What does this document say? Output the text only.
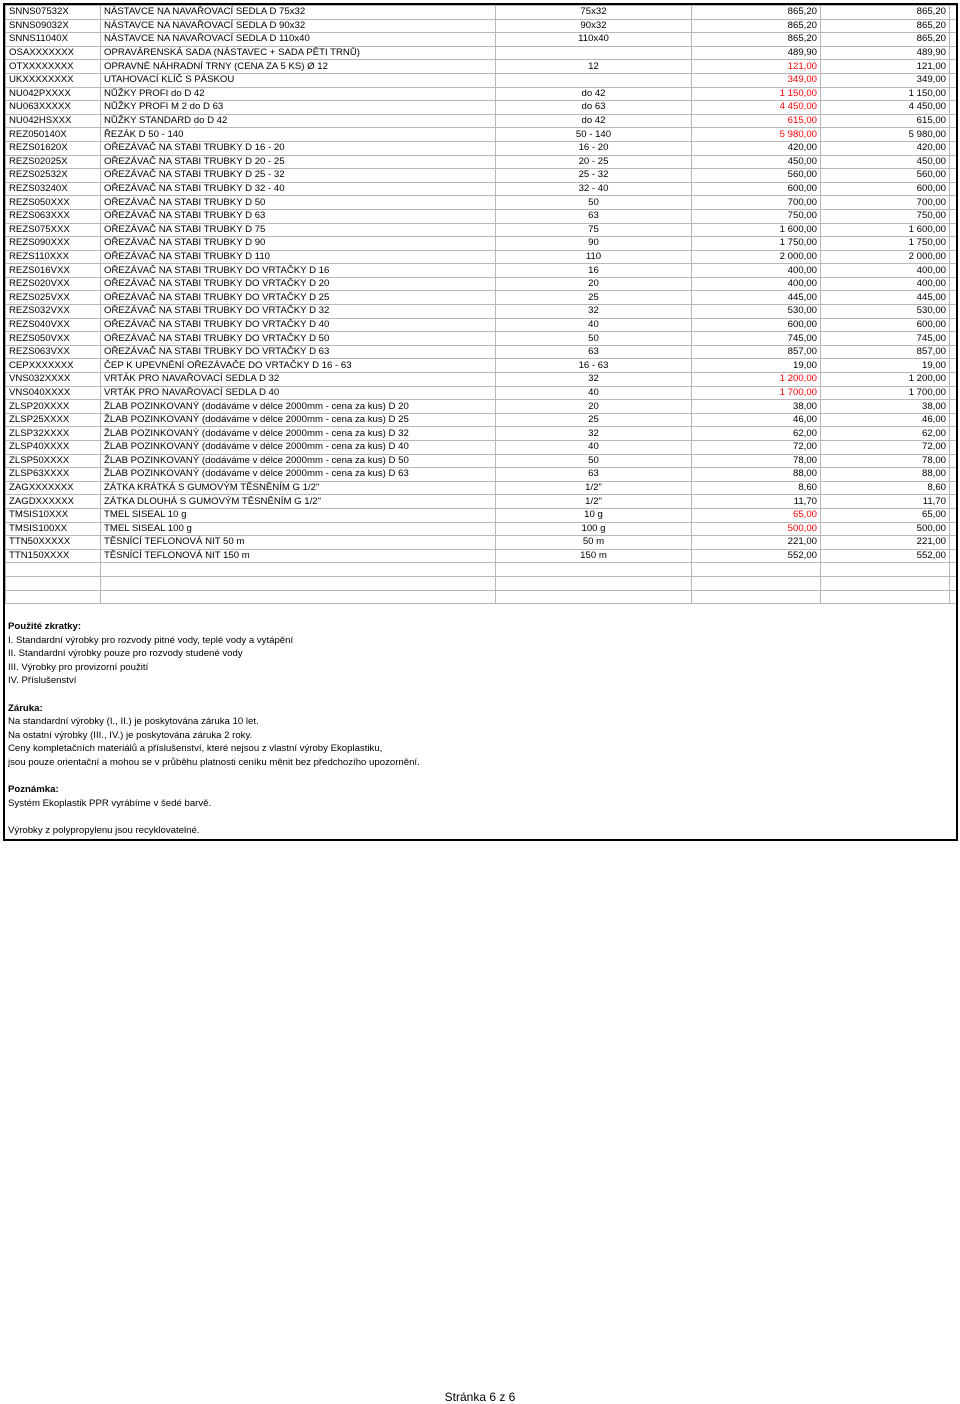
SNNS07532X	NÁSTAVCE NA NAVAŘOVACÍ SEDLA D 75x32	75x32	865,20	865,20	
SNNS09032X	NÁSTAVCE NA NAVAŘOVACÍ SEDLA D 90x32	90x32	865,20	865,20	
SNNS11040X	NÁSTAVCE NA NAVAŘOVACÍ SEDLA D 110x40	110x40	865,20	865,20	
OSAXXXXXXX	OPRAVÁRENSKÁ SADA (NÁSTAVEC + SADA PĚTI TRNŮ)		489,90	489,90	
OTXXXXXXXX	OPRAVNÉ NÁHRADNÍ TRNY (CENA ZA 5 KS) Ø 12	12	121,00	121,00	
UKXXXXXXXX	UTAHOVACÍ KLÍČ S PÁSKOU		349,00	349,00	
NU042PXXXX	NŮŽKY PROFI do D 42	do 42	1 150,00	1 150,00	
NU063XXXXX	NŮŽKY PROFI M 2 do D 63	do 63	4 450,00	4 450,00	
NU042HSXXX	NŮŽKY STANDARD do D 42	do 42	615,00	615,00	
REZ050140X	ŘEZÁK D 50 - 140	50 - 140	5 980,00	5 980,00	
REZS01620X	OŘEZÁVAČ NA STABI TRUBKY D 16 - 20	16 - 20	420,00	420,00	
REZS02025X	OŘEZÁVAČ NA STABI TRUBKY D 20 - 25	20 - 25	450,00	450,00	
REZS02532X	OŘEZÁVAČ NA STABI TRUBKY D 25 - 32	25 - 32	560,00	560,00	
REZS03240X	OŘEZÁVAČ NA STABI TRUBKY D 32 - 40	32 - 40	600,00	600,00	
REZS050XXX	OŘEZÁVAČ NA STABI TRUBKY D 50	50	700,00	700,00	
REZS063XXX	OŘEZÁVAČ NA STABI TRUBKY D 63	63	750,00	750,00	
REZS075XXX	OŘEZÁVAČ NA STABI TRUBKY D 75	75	1 600,00	1 600,00	
REZS090XXX	OŘEZÁVAČ NA STABI TRUBKY D 90	90	1 750,00	1 750,00	
REZS110XXX	OŘEZÁVAČ NA STABI TRUBKY D 110	110	2 000,00	2 000,00	
REZS016VXX	OŘEZÁVAČ NA STABI TRUBKY DO VRTAČKY D 16	16	400,00	400,00	
REZS020VXX	OŘEZÁVAČ NA STABI TRUBKY DO VRTAČKY D 20	20	400,00	400,00	
REZS025VXX	OŘEZÁVAČ NA STABI TRUBKY DO VRTAČKY D 25	25	445,00	445,00	
REZS032VXX	OŘEZÁVAČ NA STABI TRUBKY DO VRTAČKY D 32	32	530,00	530,00	
REZS040VXX	OŘEZÁVAČ NA STABI TRUBKY DO VRTAČKY D 40	40	600,00	600,00	
REZS050VXX	OŘEZÁVAČ NA STABI TRUBKY DO VRTAČKY D 50	50	745,00	745,00	
REZS063VXX	OŘEZÁVAČ NA STABI TRUBKY DO VRTAČKY D 63	63	857,00	857,00	
CEPXXXXXXX	ČEP K UPEVNĚNÍ OŘEZÁVAČE DO VRTAČKY D 16 - 63	16 - 63	19,00	19,00	
VNS032XXXX	VRTÁK PRO NAVAŘOVACÍ SEDLA D 32	32	1 200,00	1 200,00	
VNS040XXXX	VRTÁK PRO NAVAŘOVACÍ SEDLA D 40	40	1 700,00	1 700,00	
ZLSP20XXXX	ŽLAB POZINKOVANÝ (dodáváme v délce 2000mm - cena za kus) D 20	20	38,00	38,00	
ZLSP25XXXX	ŽLAB POZINKOVANÝ (dodáváme v délce 2000mm - cena za kus) D 25	25	46,00	46,00	
ZLSP32XXXX	ŽLAB POZINKOVANÝ (dodáváme v délce 2000mm - cena za kus) D 32	32	62,00	62,00	
ZLSP40XXXX	ŽLAB POZINKOVANÝ (dodáváme v délce 2000mm - cena za kus) D 40	40	72,00	72,00	
ZLSP50XXXX	ŽLAB POZINKOVANÝ (dodáváme v délce 2000mm - cena za kus) D 50	50	78,00	78,00	
ZLSP63XXXX	ŽLAB POZINKOVANÝ (dodáváme v délce 2000mm - cena za kus) D 63	63	88,00	88,00	
ZAGXXXXXXX	ZÁTKA KRÁTKÁ S GUMOVÝM TĚSNĚNÍM G 1/2"	1/2"	8,60	8,60	
ZAGDXXXXXX	ZÁTKA DLOUHÁ S GUMOVÝM TĚSNĚNÍM G 1/2"	1/2"	11,70	11,70	
TMSIS10XXX	TMEL SISEAL 10 g	10 g	65,00	65,00	
TMSIS100XX	TMEL SISEAL 100 g	100 g	500,00	500,00	
TTN50XXXXX	TĚSNÍCÍ TEFLONOVÁ NIT 50 m	50 m	221,00	221,00	
TTN150XXXX	TĚSNÍCÍ TEFLONOVÁ NIT 150 m	150 m	552,00	552,00	

Použité zkratky:
I. Standardní výrobky pro rozvody pitné vody, teplé vody a vytápění
II. Standardní výrobky pouze pro rozvody studené vody
III. Výrobky pro provizorní použití
IV. Příslušenství
Záruka:
Na standardní výrobky (I., II.) je poskytována záruka 10 let.
Na ostatní výrobky (III., IV.) je poskytována záruka 2 roky.
Ceny kompletačních materiálů a příslušenství, které nejsou z vlastní výroby Ekoplastiku,
jsou pouze orientační a mohou se v průběhu platnosti ceníku měnit bez předchozího upozornění.
Poznámka:
Systém Ekoplastik PPR vyrábíme v šedé barvě.
Výrobky z polypropylenu jsou recyklovatelné.
Stránka 6 z 6
